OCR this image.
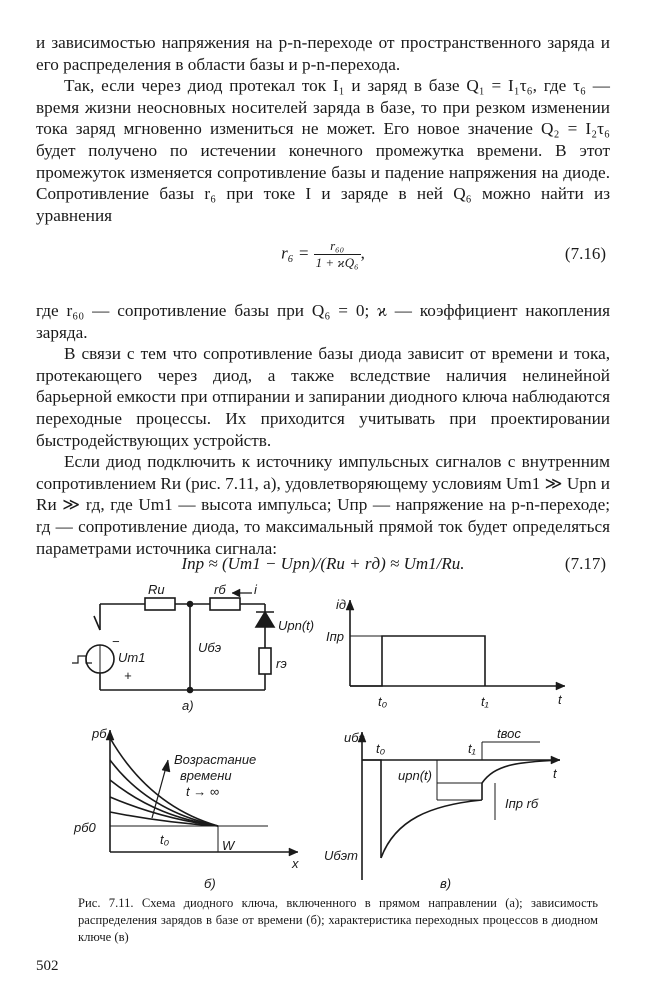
и зависимостью напряжения на p-n-переходе от пространственного заряда и его распределения в области базы и p-n-перехода.

Так, если через диод протекал ток I₁ и заряд в базе Q₁ = I₁τ₆, где τ₆ — время жизни неосновных носителей заряда в базе, то при резком изменении тока заряд мгновенно измениться не может. Его новое значение Q₂ = I₂τ₆ будет получено по истечении конечного промежутка времени. В этот промежуток изменяется сопротивление базы и падение напряжения на диоде. Сопротивление базы r₆ при токе I и заряде в ней Q₆ можно найти из уравнения

$r_6 = \frac{\text{r₆₀}}{\text{1 + ϰQ₆}}$ ,	(7.16)

где r₆₀ — сопротивление базы при Q₆ = 0; ϰ — коэффициент накопления заряда.

В связи с тем что сопротивление базы диода зависит от времени и тока, протекающего через диод, а также вследствие наличия нелинейной барьерной емкости при отпирании и запирании диодного ключа наблюдаются переходные процессы. Их приходится учитывать при проектировании быстродействующих устройств.

Если диод подключить к источнику импульсных сигналов с внутренним сопротивлением Rи (рис. 7.11, а), удовлетворяющему условиям Um1 ≫ Upn и Rи ≫ rд, где Um1 — высота импульса; Uпр — напряжение на p-n-переходе; rд — сопротивление диода, то максимальный прямой ток будет определяться параметрами источника сигнала:

Iпр ≈ (Um1 − Upn)/(Rи + rд) ≈ Um1/Rи.	(7.17)
Rи	rб i
Upn(t)
Uбэ
Um1
−
+
rэ
а)
iд
Iпр
t₀	t₁	t
pб
pб0
Возрастание
времени
t → ∞
t₀	W
x
б)
uбэ
t₀	t₁
tвос
t
upn(t)
Iпр rб
Uбэm
в)

Рис. 7.11. Схема диодного ключа, включенного в прямом направлении (а); зависимость распределения зарядов в базе от времени (б); характеристика переходных процессов в диодном ключе (в)

502
